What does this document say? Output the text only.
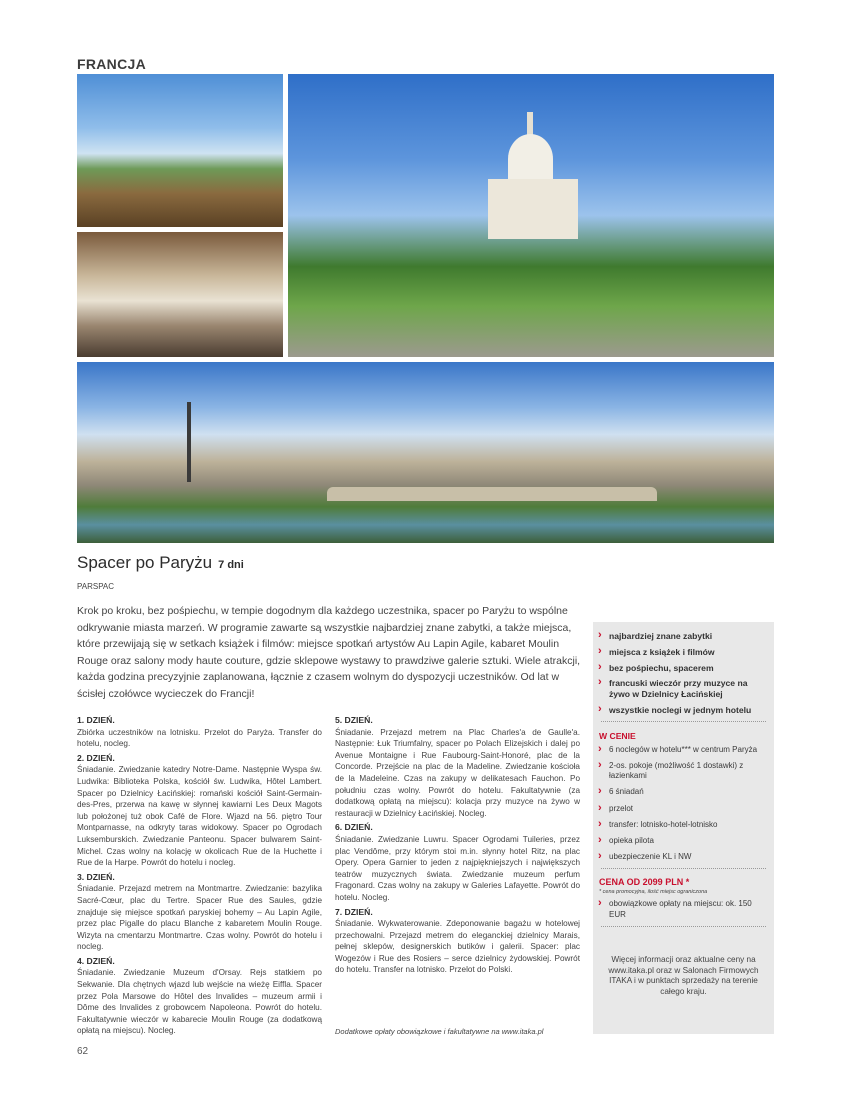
FRANCJA
Spacer po Paryżu 7 dni
PARSPAC

Krok po kroku, bez pośpiechu, w tempie dogodnym dla każdego uczestnika, spacer po Paryżu to wspólne odkrywanie miasta marzeń. W programie zawarte są wszystkie najbardziej znane zabytki, a także miejsca, które przewijają się w setkach książek i filmów: miejsce spotkań artystów Au Lapin Agile, kabaret Moulin Rouge oraz salony mody haute couture, gdzie sklepowe wystawy to prawdziwe galerie sztuki. Wiele atrakcji, każda godzina precyzyjnie zaplanowana, łącznie z czasem wolnym do dyspozycji uczestników. Od lat w ścisłej czołówce wycieczek do Francji!

1. DZIEŃ.
Zbiórka uczestników na lotnisku. Przelot do Paryża. Transfer do hotelu, nocleg.
2. DZIEŃ.
Śniadanie. Zwiedzanie katedry Notre-Dame. Następnie Wyspa św. Ludwika: Biblioteka Polska, kościół św. Ludwika, Hôtel Lambert. Spacer po Dzielnicy Łacińskiej: romański kościół Saint-Germain-des-Pres, przerwa na kawę w słynnej kawiarni Les Deux Magots lub położonej tuż obok Café de Flore. Wjazd na 56. piętro Tour Montparnasse, na odkryty taras widokowy. Spacer po Ogrodach Luksemburskich. Zwiedzanie Panteonu. Spacer bulwarem Saint-Michel. Czas wolny na kolację w okolicach Rue de la Huchette i Rue de la Harpe. Powrót do hotelu i nocleg.
3. DZIEŃ.
Śniadanie. Przejazd metrem na Montmartre. Zwiedzanie: bazylika Sacré-Cœur, plac du Tertre. Spacer Rue des Saules, gdzie znajduje się miejsce spotkań paryskiej bohemy – Au Lapin Agile, przez plac Pigalle do placu Blanche z kabaretem Moulin Rouge. Wizyta na cmentarzu Montmartre. Czas wolny. Powrót do hotelu i nocleg.
4. DZIEŃ.
Śniadanie. Zwiedzanie Muzeum d'Orsay. Rejs statkiem po Sekwanie. Dla chętnych wjazd lub wejście na wieżę Eiffla. Spacer przez Pola Marsowe do Hôtel des Invalides – muzeum armii i Dôme des Invalides z grobowcem Napoleona. Powrót do hotelu. Fakultatywnie wieczór w kabarecie Moulin Rouge (za dodatkową opłatą na miejscu). Nocleg.
5. DZIEŃ.
Śniadanie. Przejazd metrem na Plac Charles'a de Gaulle'a. Następnie: Łuk Triumfalny, spacer po Polach Elizejskich i dalej po Avenue Montaigne i Rue Faubourg-Saint-Honoré, plac de la Concorde. Przejście na plac de la Madeline. Zwiedzanie kościoła de la Madeleine. Czas na zakupy w delikatesach Fauchon. Po południu czas wolny. Powrót do hotelu. Fakultatywnie (za dodatkową opłatą na miejscu): kolacja przy muzyce na żywo w restauracji w Dzielnicy Łacińskiej. Nocleg.
6. DZIEŃ.
Śniadanie. Zwiedzanie Luwru. Spacer Ogrodami Tuileries, przez plac Vendôme, przy którym stoi m.in. słynny hotel Ritz, na plac Opery. Opera Garnier to jeden z najpiękniejszych i największych teatrów muzycznych świata. Zwiedzanie muzeum perfum Fragonard. Czas wolny na zakupy w Galeries Lafayette. Powrót do hotelu. Nocleg.
7. DZIEŃ.
Śniadanie. Wykwaterowanie. Zdeponowanie bagażu w hotelowej przechowalni. Przejazd metrem do eleganckiej dzielnicy Marais, pełnej sklepów, designerskich butików i galerii. Spacer: plac Wogezów i Rue des Rosiers – serce dzielnicy żydowskiej. Powrót do hotelu. Transfer na lotnisko. Przelot do Polski.
Dodatkowe opłaty obowiązkowe i fakultatywne na www.itaka.pl
62
› najbardziej znane zabytki
› miejsca z książek i filmów
› bez pośpiechu, spacerem
› francuski wieczór przy muzyce na żywo w Dzielnicy Łacińskiej
› wszystkie noclegi w jednym hotelu
W CENIE
› 6 noclegów w hotelu*** w centrum Paryża
› 2-os. pokoje (możliwość 1 dostawki) z łazienkami
› 6 śniadań
› przelot
› transfer: lotnisko-hotel-lotnisko
› opieka pilota
› ubezpieczenie KL i NW
CENA OD 2099 PLN *
* cena promocyjna, ilość miejsc ograniczona
› obowiązkowe opłaty na miejscu: ok. 150 EUR
Więcej informacji oraz aktualne ceny na www.itaka.pl oraz w Salonach Firmowych ITAKA i w punktach sprzedaży na terenie całego kraju.
